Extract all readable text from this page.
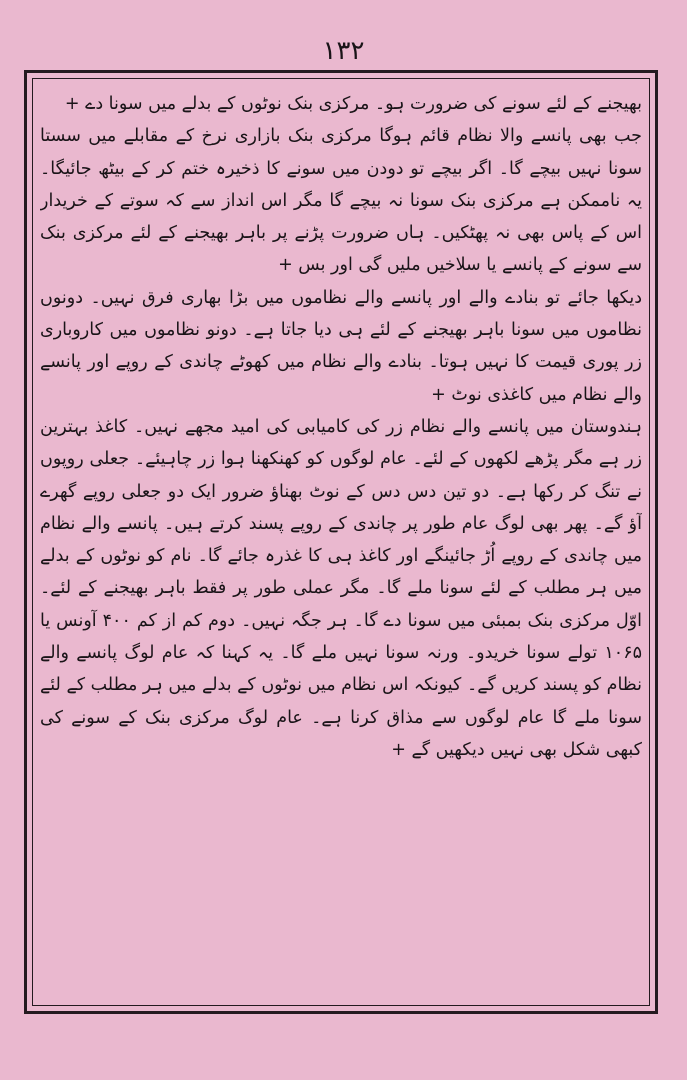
۱۳۲

بھیجنے کے لئے سونے کی ضرورت ہو۔ مرکزی بنک نوٹوں کے بدلے میں سونا دے +

جب بھی پانسے والا نظام قائم ہوگا مرکزی بنک بازاری نرخ کے مقابلے میں سستا سونا نہیں بیچے گا۔ اگر بیچے تو دودن میں سونے کا ذخیرہ ختم کر کے بیٹھ جائیگا۔ یہ ناممکن ہے مرکزی بنک سونا نہ بیچے گا مگر اس انداز سے کہ سوتے کے خریدار اس کے پاس بھی نہ پھٹکیں۔ ہاں ضرورت پڑنے پر باہر بھیجنے کے لئے مرکزی بنک سے سونے کے پانسے یا سلاخیں ملیں گی اور بس +

دیکھا جائے تو بنادے والے اور پانسے والے نظاموں میں بڑا بھاری فرق نہیں۔ دونوں نظاموں میں سونا باہر بھیجنے کے لئے ہی دیا جاتا ہے۔ دونو نظاموں میں کاروباری زر پوری قیمت کا نہیں ہوتا۔ بنادے والے نظام میں کھوٹے چاندی کے روپے اور پانسے والے نظام میں کاغذی نوٹ +

ہندوستان میں پانسے والے نظام زر کی کامیابی کی امید مجھے نہیں۔ کاغذ بہترین زر ہے مگر پڑھے لکھوں کے لئے۔ عام لوگوں کو کھنکھنا ہوا زر چاہیئے۔ جعلی روپوں نے تنگ کر رکھا ہے۔ دو تین دس دس کے نوٹ بھناؤ ضرور ایک دو جعلی روپے گھرے آؤ گے۔ پھر بھی لوگ عام طور پر چاندی کے روپے پسند کرتے ہیں۔ پانسے والے نظام میں چاندی کے روپے اُڑ جائینگے اور کاغذ ہی کا غذرہ جائے گا۔ نام کو نوٹوں کے بدلے میں ہر مطلب کے لئے سونا ملے گا۔ مگر عملی طور پر فقط باہر بھیجنے کے لئے۔ اوّل مرکزی بنک بمبئی میں سونا دے گا۔ ہر جگہ نہیں۔ دوم کم از کم ۴۰۰ آونس یا ۱۰۶۵ تولے سونا خریدو۔ ورنہ سونا نہیں ملے گا۔ یہ کہنا کہ عام لوگ پانسے والے نظام کو پسند کریں گے۔ کیونکہ اس نظام میں نوٹوں کے بدلے میں ہر مطلب کے لئے سونا ملے گا عام لوگوں سے مذاق کرنا ہے۔ عام لوگ مرکزی بنک کے سونے کی کبھی شکل بھی نہیں دیکھیں گے +
